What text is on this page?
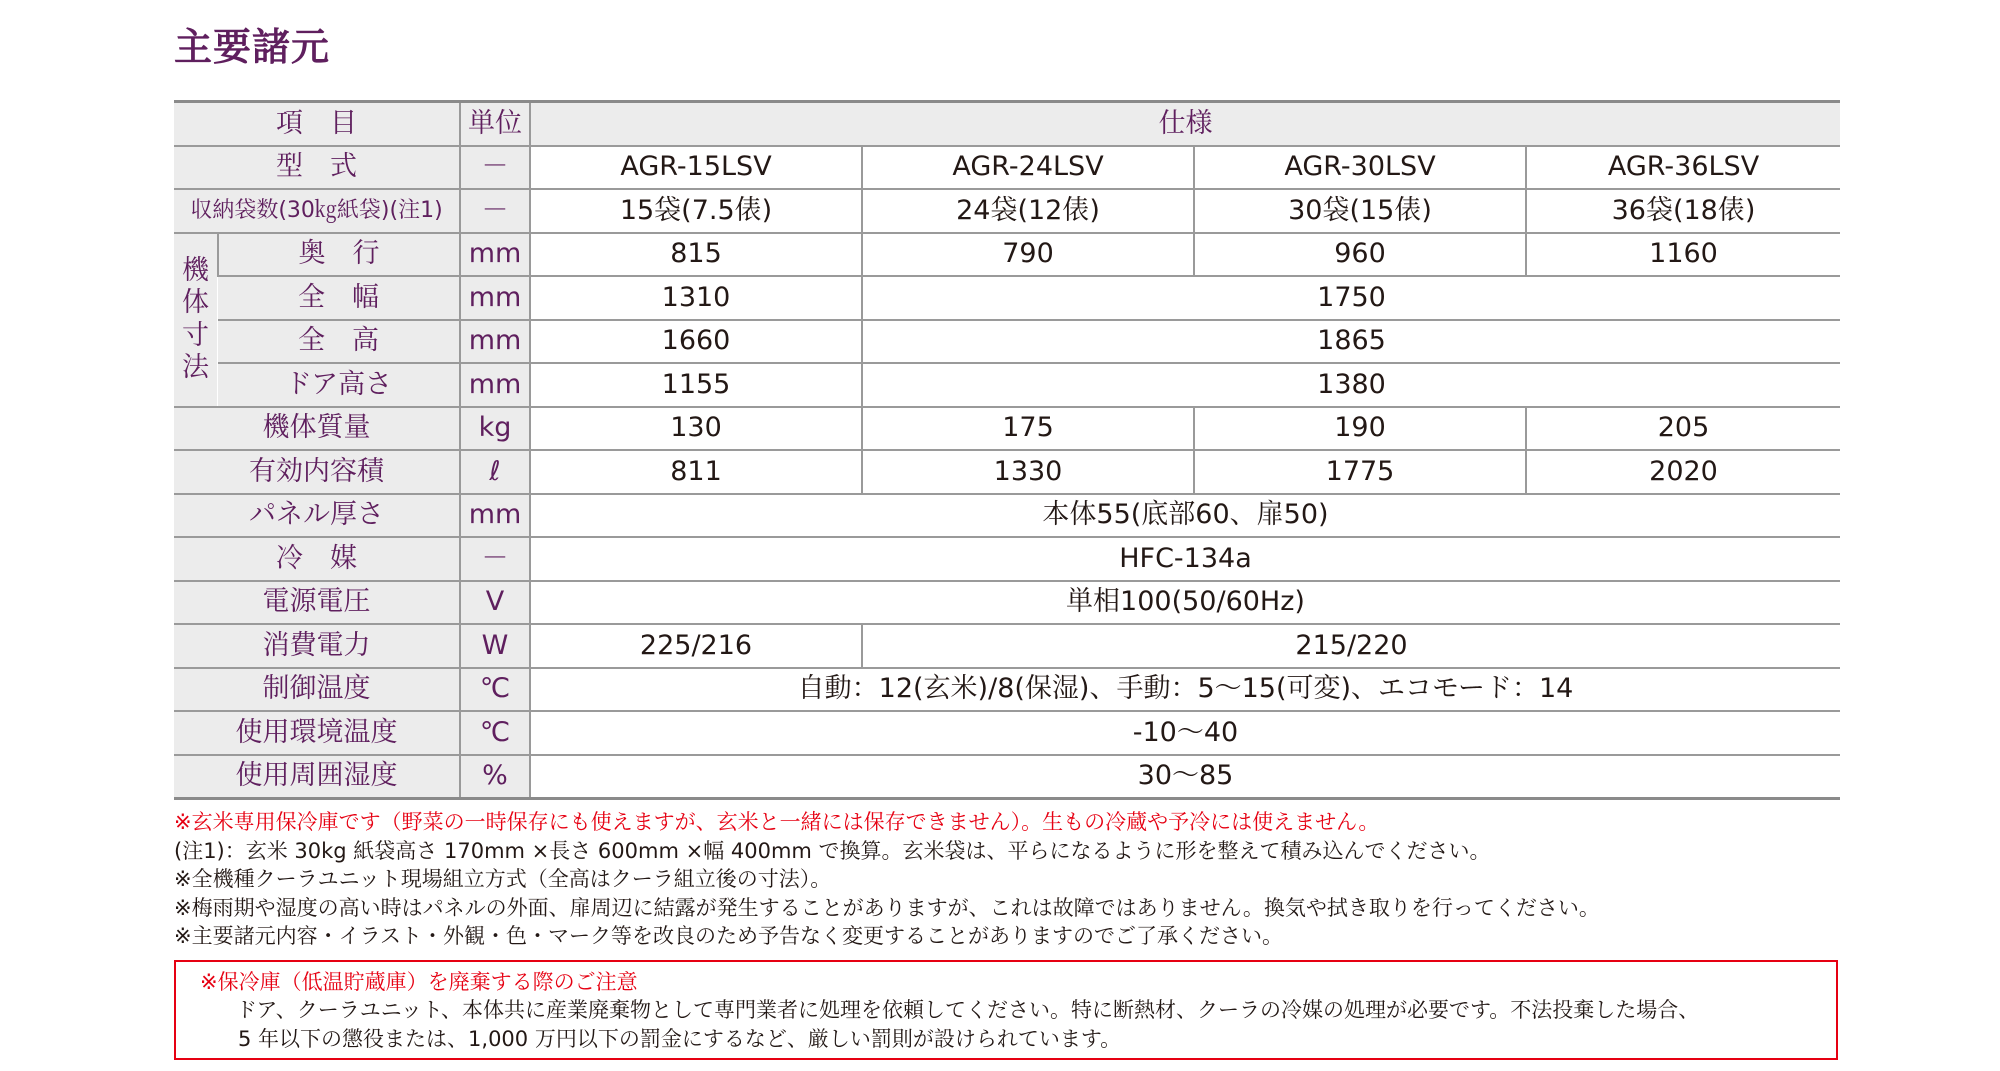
主要諸元
項　目		単位	仕様			
型　式		－	AGR-15LSV	AGR-24LSV	AGR-30LSV	AGR-36LSV
収納袋数(30㎏紙袋)(注1)		－	15袋(7.5俵)	24袋(12俵)	30袋(15俵)	36袋(18俵)

機
体
寸
法	奥　行	mm	815	790	960	1160
	全　幅	mm	1310	1750		
	全　高	mm	1660	1865		
	ドア高さ	mm	1155	1380		
機体質量		kg	130	175	190	205
有効内容積		ℓ	811	1330	1775	2020
パネル厚さ		mm	本体55(底部60、扉50)			
冷　媒		－	HFC-134a			
電源電圧		V	単相100(50/60Hz)			
消費電力		W	225/216	215/220		
制御温度		℃	自動：12(玄米)/8(保湿)、手動：5～15(可変)、エコモード：14			
使用環境温度		℃	-10～40			
使用周囲湿度		%	30～85			

※玄米専用保冷庫です（野菜の一時保存にも使えますが、玄米と一緒には保存できません）。生もの冷蔵や予冷には使えません。

(注1)：玄米 30kg 紙袋高さ 170mm ×長さ 600mm ×幅 400mm で換算。玄米袋は、平らになるように形を整えて積み込んでください。

※全機種クーラユニット現場組立方式（全高はクーラ組立後の寸法）。

※梅雨期や湿度の高い時はパネルの外面、扉周辺に結露が発生することがありますが、これは故障ではありません。換気や拭き取りを行ってください。

※主要諸元内容・イラスト・外観・色・マーク等を改良のため予告なく変更することがありますのでご了承ください。

※保冷庫（低温貯蔵庫）を廃棄する際のご注意

ドア、クーラユニット、本体共に産業廃棄物として専門業者に処理を依頼してください。特に断熱材、クーラの冷媒の処理が必要です。不法投棄した場合、

5 年以下の懲役または、1,000 万円以下の罰金にするなど、厳しい罰則が設けられています。
